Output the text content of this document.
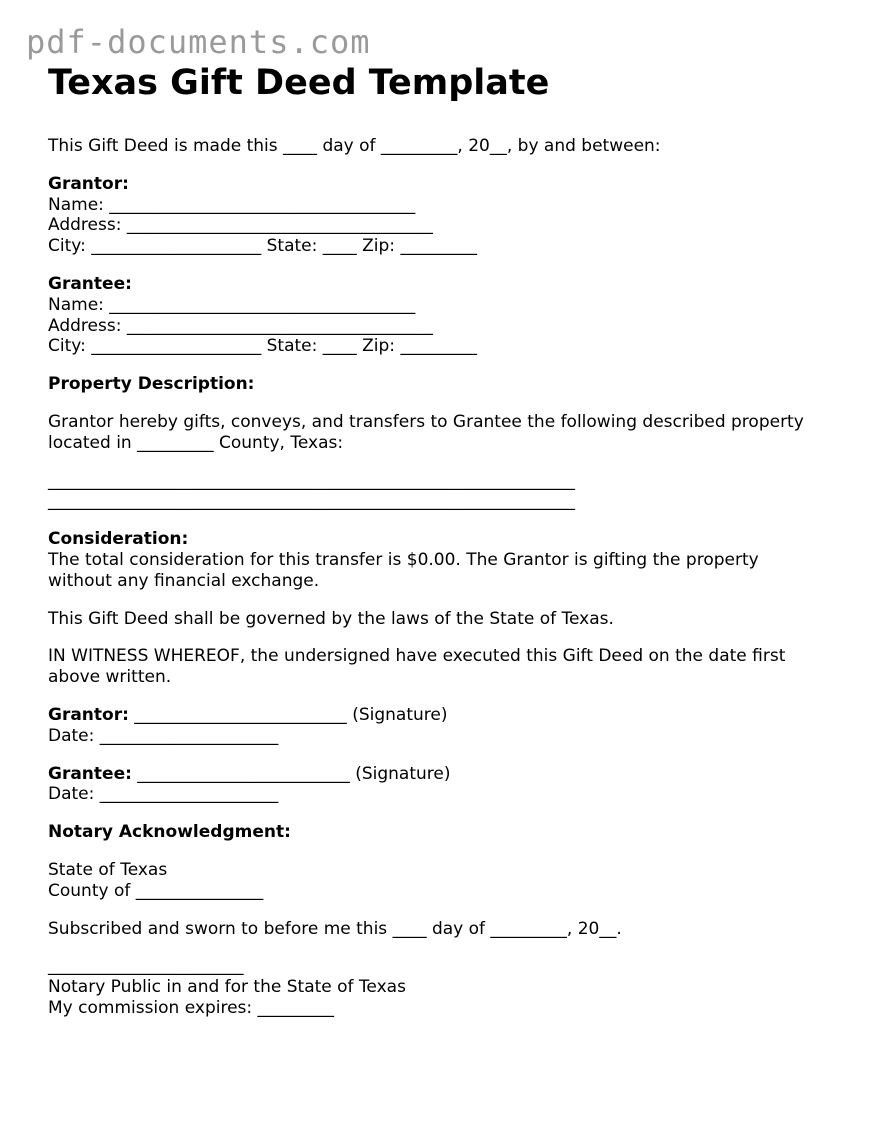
pdf-documents.com
Texas Gift Deed Template
This Gift Deed is made this ____ day of _________, 20__, by and between:
Grantor:
Name: ____________________________________
Address: ____________________________________
City: ____________________ State: ____ Zip: _________
Grantee:
Name: ____________________________________
Address: ____________________________________
City: ____________________ State: ____ Zip: _________
Property Description:
Grantor hereby gifts, conveys, and transfers to Grantee the following described property
located in _________ County, Texas:
______________________________________________________________
______________________________________________________________
Consideration:
The total consideration for this transfer is $0.00. The Grantor is gifting the property
without any financial exchange.
This Gift Deed shall be governed by the laws of the State of Texas.
IN WITNESS WHEREOF, the undersigned have executed this Gift Deed on the date first
above written.
Grantor: _________________________ (Signature)
Date: _____________________
Grantee: _________________________ (Signature)
Date: _____________________
Notary Acknowledgment:
State of Texas
County of _______________
Subscribed and sworn to before me this ____ day of _________, 20__.
_______________________
Notary Public in and for the State of Texas
My commission expires: _________
